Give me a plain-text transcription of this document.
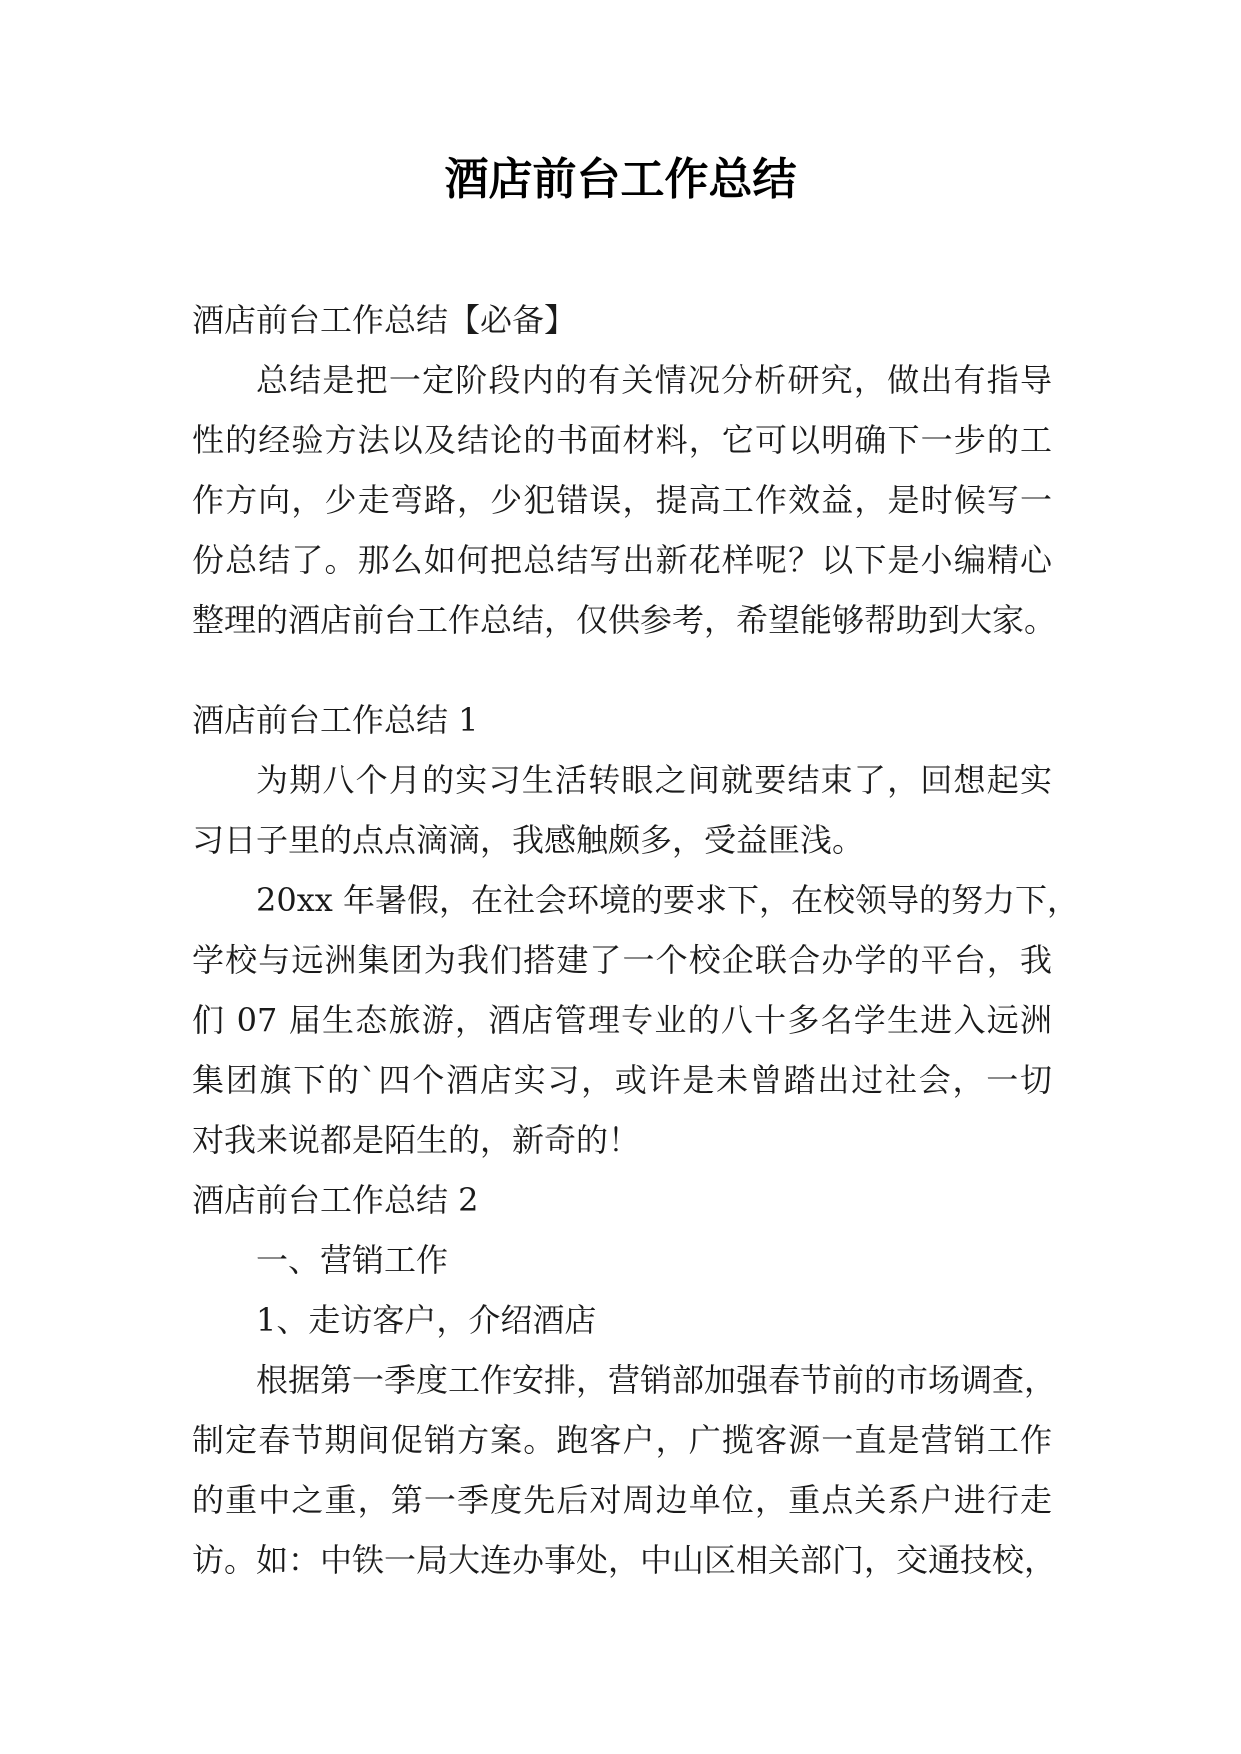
酒店前台工作总结
酒店前台工作总结【必备】
总结是把一定阶段内的有关情况分析研究，做出有指导
性的经验方法以及结论的书面材料，它可以明确下一步的工
作方向，少走弯路，少犯错误，提高工作效益，是时候写一
份总结了。那么如何把总结写出新花样呢？以下是小编精心
整理的酒店前台工作总结，仅供参考，希望能够帮助到大家。
酒店前台工作总结 1
为期八个月的实习生活转眼之间就要结束了，回想起实
习日子里的点点滴滴，我感触颇多，受益匪浅。
20xx 年暑假，在社会环境的要求下，在校领导的努力下，
学校与远洲集团为我们搭建了一个校企联合办学的平台，我
们 07 届生态旅游，酒店管理专业的八十多名学生进入远洲
集团旗下的`四个酒店实习，或许是未曾踏出过社会，一切
对我来说都是陌生的，新奇的！
酒店前台工作总结 2
一、营销工作
1、走访客户，介绍酒店
根据第一季度工作安排，营销部加强春节前的市场调查，
制定春节期间促销方案。跑客户，广揽客源一直是营销工作
的重中之重，第一季度先后对周边单位，重点关系户进行走
访。如：中铁一局大连办事处，中山区相关部门，交通技校，
